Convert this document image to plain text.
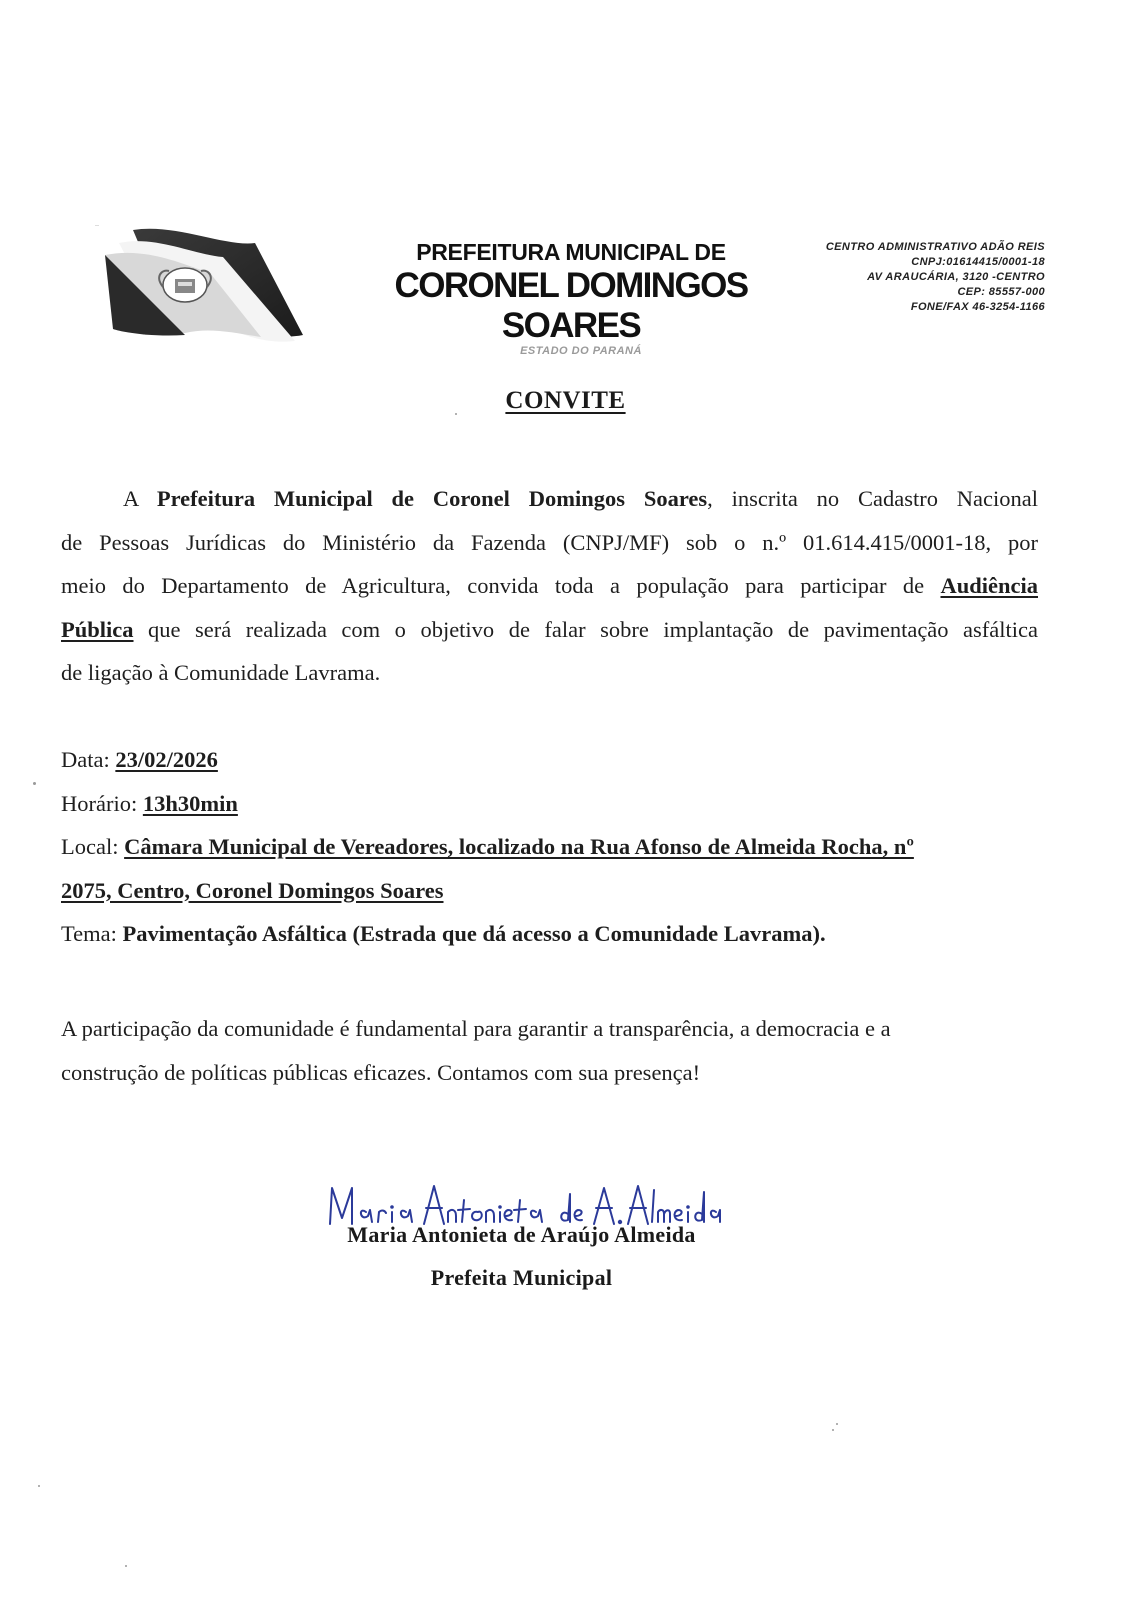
PREFEITURA MUNICIPAL DE
CORONEL DOMINGOS SOARES
ESTADO DO PARANÁ
CENTRO ADMINISTRATIVO ADÃO REIS
CNPJ:01614415/0001-18
AV ARAUCÁRIA, 3120 -CENTRO
CEP: 85557-000
FONE/FAX 46-3254-1166
CONVITE
A Prefeitura Municipal de Coronel Domingos Soares, inscrita no Cadastro Nacional
de Pessoas Jurídicas do Ministério da Fazenda (CNPJ/MF) sob o n.º 01.614.415/0001-18, por
meio do Departamento de Agricultura, convida toda a população para participar de Audiência
Pública que será realizada com o objetivo de falar sobre implantação de pavimentação asfáltica
de ligação à Comunidade Lavrama.
Data: 23/02/2026
Horário: 13h30min
Local: Câmara Municipal de Vereadores, localizado na Rua Afonso de Almeida Rocha, nº
2075, Centro, Coronel Domingos Soares
Tema: Pavimentação Asfáltica (Estrada que dá acesso a Comunidade Lavrama).
A participação da comunidade é fundamental para garantir a transparência, a democracia e a
construção de políticas públicas eficazes. Contamos com sua presença!
Maria Antonieta de Araújo Almeida
Prefeita Municipal
